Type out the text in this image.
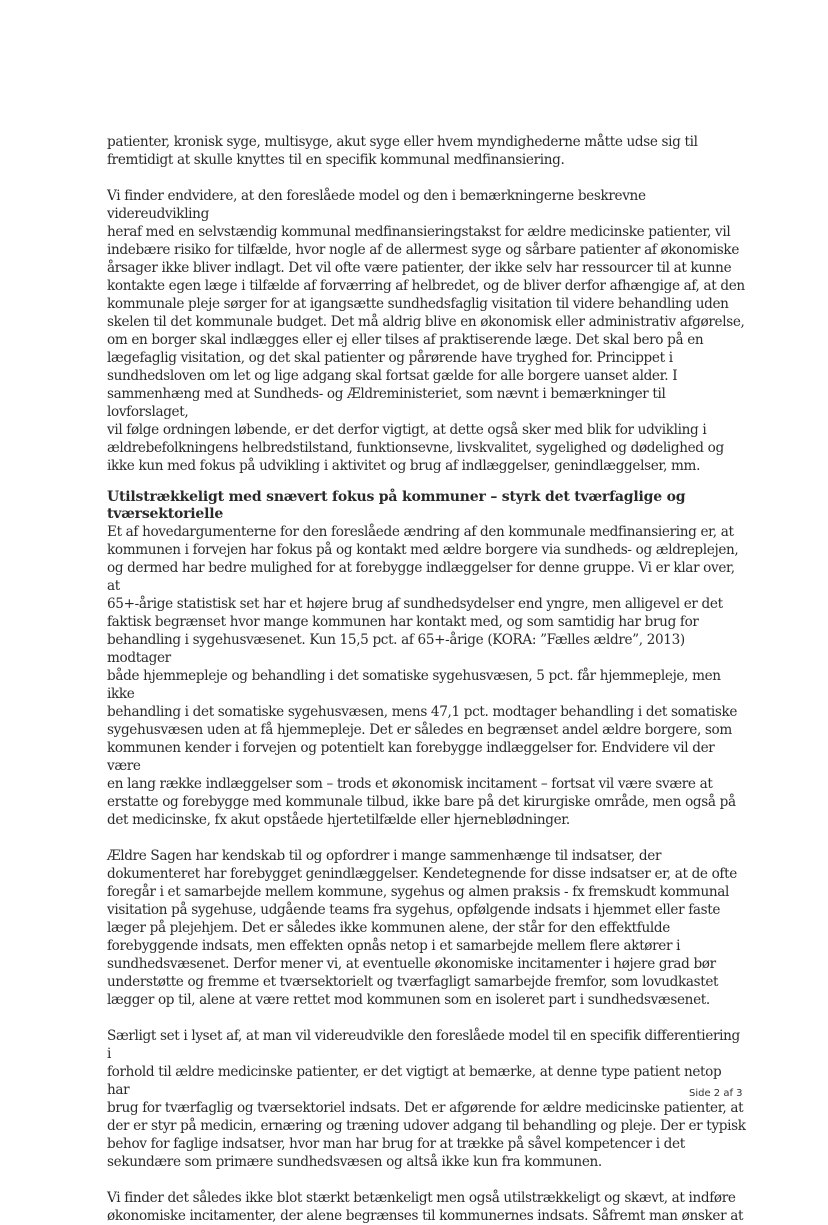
patienter, kronisk syge, multisyge, akut syge eller hvem myndighederne måtte udse sig til
fremtidigt at skulle knyttes til en specifik kommunal medfinansiering.

Vi finder endvidere, at den foreslåede model og den i bemærkningerne beskrevne videreudvikling
heraf med en selvstændig kommunal medfinansieringstakst for ældre medicinske patienter, vil
indebære risiko for tilfælde, hvor nogle af de allermest syge og sårbare patienter af økonomiske
årsager ikke bliver indlagt. Det vil ofte være patienter, der ikke selv har ressourcer til at kunne
kontakte egen læge i tilfælde af forværring af helbredet, og de bliver derfor afhængige af, at den
kommunale pleje sørger for at igangsætte sundhedsfaglig visitation til videre behandling uden
skelen til det kommunale budget. Det må aldrig blive en økonomisk eller administrativ afgørelse,
om en borger skal indlægges eller ej eller tilses af praktiserende læge. Det skal bero på en
lægefaglig visitation, og det skal patienter og pårørende have tryghed for. Princippet i
sundhedsloven om let og lige adgang skal fortsat gælde for alle borgere uanset alder. I
sammenhæng med at Sundheds- og Ældreministeriet, som nævnt i bemærkninger til lovforslaget,
vil følge ordningen løbende, er det derfor vigtigt, at dette også sker med blik for udvikling i
ældrebefolkningens helbredstilstand, funktionsevne, livskvalitet, sygelighed og dødelighed og
ikke kun med fokus på udvikling i aktivitet og brug af indlæggelser, genindlæggelser, mm.

Utilstrækkeligt med snævert fokus på kommuner – styrk det tværfaglige og
tværsektorielle

Et af hovedargumenterne for den foreslåede ændring af den kommunale medfinansiering er, at
kommunen i forvejen har fokus på og kontakt med ældre borgere via sundheds- og ældreplejen,
og dermed har bedre mulighed for at forebygge indlæggelser for denne gruppe. Vi er klar over, at
65+-årige statistisk set har et højere brug af sundhedsydelser end yngre, men alligevel er det
faktisk begrænset hvor mange kommunen har kontakt med, og som samtidig har brug for
behandling i sygehusvæsenet. Kun 15,5 pct. af 65+-årige (KORA: ”Fælles ældre”, 2013) modtager
både hjemmepleje og behandling i det somatiske sygehusvæsen, 5 pct. får hjemmepleje, men ikke
behandling i det somatiske sygehusvæsen, mens 47,1 pct. modtager behandling i det somatiske
sygehusvæsen uden at få hjemmepleje. Det er således en begrænset andel ældre borgere, som
kommunen kender i forvejen og potentielt kan forebygge indlæggelser for. Endvidere vil der være
en lang række indlæggelser som – trods et økonomisk incitament – fortsat vil være svære at
erstatte og forebygge med kommunale tilbud, ikke bare på det kirurgiske område, men også på
det medicinske, fx akut opståede hjertetilfælde eller hjerneblødninger.

Ældre Sagen har kendskab til og opfordrer i mange sammenhænge til indsatser, der
dokumenteret har forebygget genindlæggelser. Kendetegnende for disse indsatser er, at de ofte
foregår i et samarbejde mellem kommune, sygehus og almen praksis - fx fremskudt kommunal
visitation på sygehuse, udgående teams fra sygehus, opfølgende indsats i hjemmet eller faste
læger på plejehjem. Det er således ikke kommunen alene, der står for den effektfulde
forebyggende indsats, men effekten opnås netop i et samarbejde mellem flere aktører i
sundhedsvæsenet. Derfor mener vi, at eventuelle økonomiske incitamenter i højere grad bør
understøtte og fremme et tværsektorielt og tværfagligt samarbejde fremfor, som lovudkastet
lægger op til, alene at være rettet mod kommunen som en isoleret part i sundhedsvæsenet.

Særligt set i lyset af, at man vil videreudvikle den foreslåede model til en specifik differentiering i
forhold til ældre medicinske patienter, er det vigtigt at bemærke, at denne type patient netop har
brug for tværfaglig og tværsektoriel indsats. Det er afgørende for ældre medicinske patienter, at
der er styr på medicin, ernæring og træning udover adgang til behandling og pleje. Der er typisk
behov for faglige indsatser, hvor man har brug for at trække på såvel kompetencer i det
sekundære som primære sundhedsvæsen og altså ikke kun fra kommunen.

Vi finder det således ikke blot stærkt betænkeligt men også utilstrækkeligt og skævt, at indføre
økonomiske incitamenter, der alene begrænses til kommunernes indsats. Såfremt man ønsker at

Side 2 af 3
